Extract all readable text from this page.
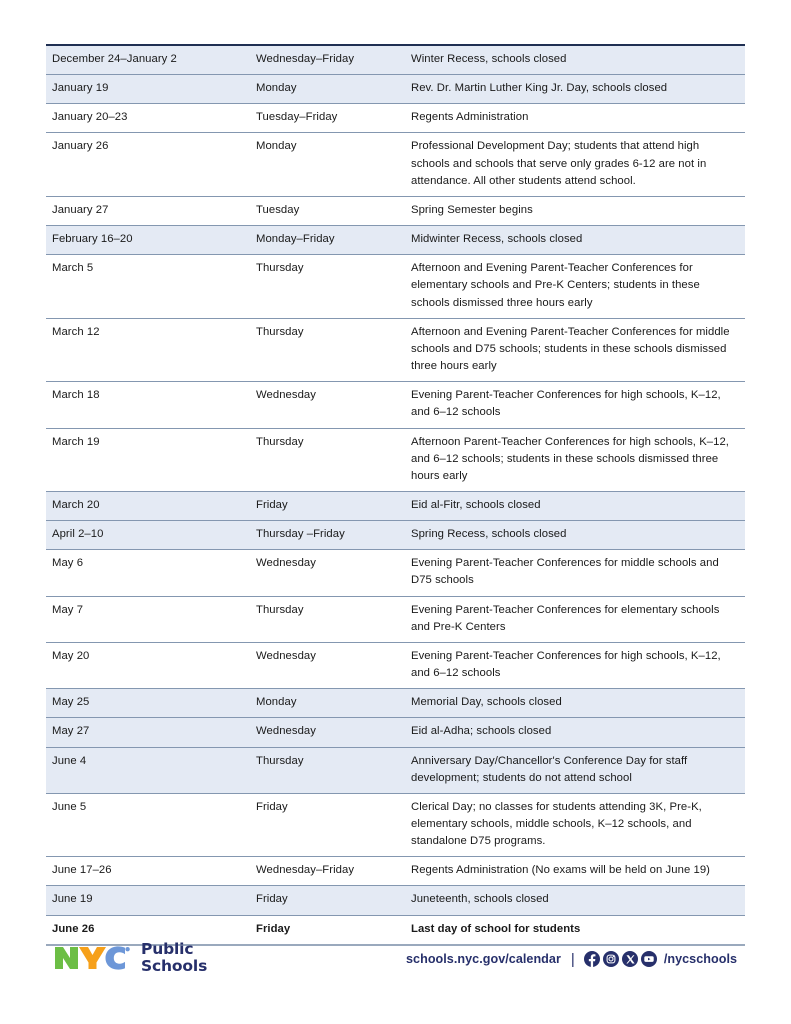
December 24–January 2	Wednesday–Friday	Winter Recess, schools closed
January 19	Monday	Rev. Dr. Martin Luther King Jr. Day, schools closed
January 20–23	Tuesday–Friday	Regents Administration
January 26	Monday	Professional Development Day; students that attend high schools and schools that serve only grades 6-12 are not in attendance. All other students attend school.
January 27	Tuesday	Spring Semester begins
February 16–20	Monday–Friday	Midwinter Recess, schools closed
March 5	Thursday	Afternoon and Evening Parent-Teacher Conferences for elementary schools and Pre-K Centers; students in these schools dismissed three hours early
March 12	Thursday	Afternoon and Evening Parent-Teacher Conferences for middle schools and D75 schools; students in these schools dismissed three hours early
March 18	Wednesday	Evening Parent-Teacher Conferences for high schools, K–12, and 6–12 schools
March 19	Thursday	Afternoon Parent-Teacher Conferences for high schools, K–12, and 6–12 schools; students in these schools dismissed three hours early
March 20	Friday	Eid al-Fitr, schools closed
April 2–10	Thursday –Friday	Spring Recess, schools closed
May 6	Wednesday	Evening Parent-Teacher Conferences for middle schools and D75 schools
May 7	Thursday	Evening Parent-Teacher Conferences for elementary schools and Pre-K Centers
May 20	Wednesday	Evening Parent-Teacher Conferences for high schools, K–12, and 6–12 schools
May 25	Monday	Memorial Day, schools closed
May 27	Wednesday	Eid al-Adha; schools closed
June 4	Thursday	Anniversary Day/Chancellor's Conference Day for staff development; students do not attend school
June 5	Friday	Clerical Day; no classes for students attending 3K, Pre-K, elementary schools, middle schools, K–12 schools, and standalone D75 programs.
June 17–26	Wednesday–Friday	Regents Administration (No exams will be held on June 19)
June 19	Friday	Juneteenth, schools closed
June 26	Friday	Last day of school for students
Public
Schools	schools.nyc.gov/calendar |	/nycschools
